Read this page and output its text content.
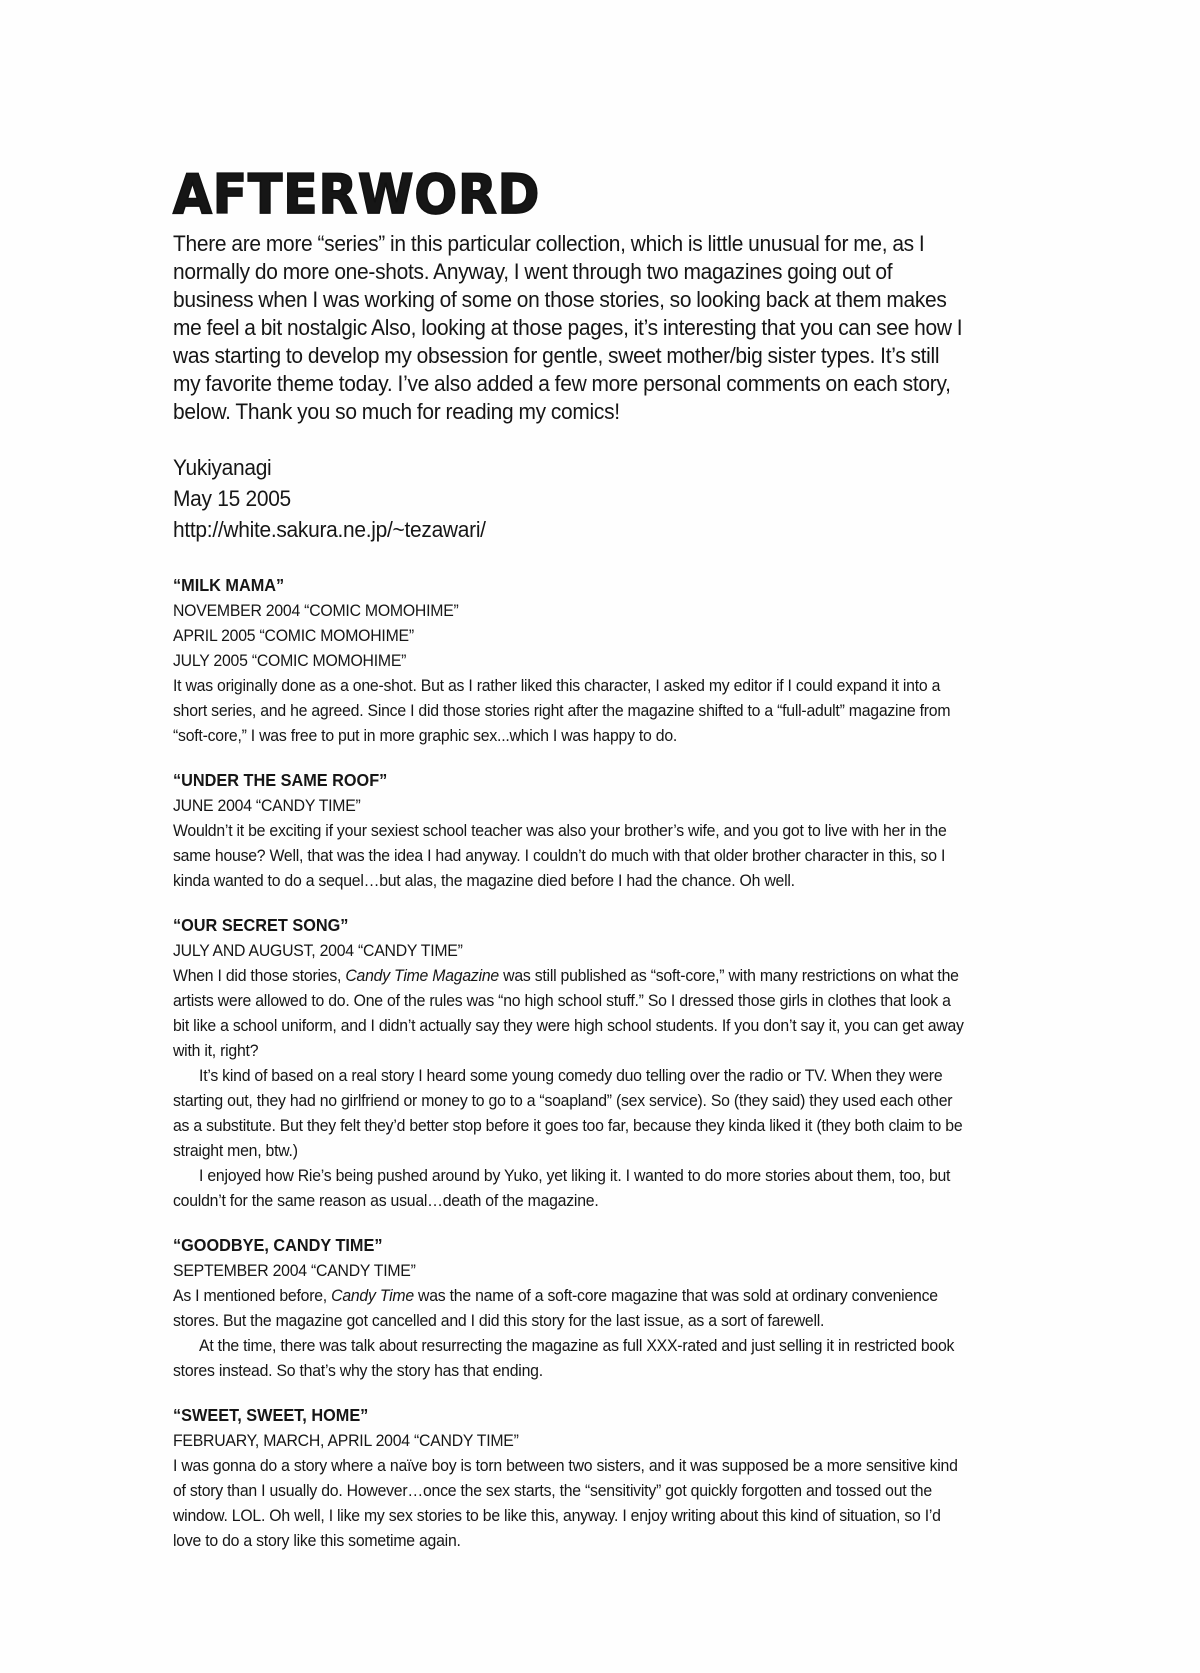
AFTERWORD

There are more “series” in this particular collection, which is little unusual for me, as I normally do more one-shots. Anyway, I went through two magazines going out of business when I was working of some on those stories, so looking back at them makes me feel a bit nostalgic Also, looking at those pages, it’s interesting that you can see how I was starting to develop my obsession for gentle, sweet mother/big sister types. It’s still my favorite theme today. I’ve also added a few more personal comments on each story, below. Thank you so much for reading my comics!

Yukiyanagi

May 15 2005

http://white.sakura.ne.jp/~tezawari/

“MILK MAMA”

NOVEMBER 2004 “COMIC MOMOHIME”

APRIL 2005 “COMIC MOMOHIME”

JULY 2005 “COMIC MOMOHIME”

It was originally done as a one-shot. But as I rather liked this character, I asked my editor if I could expand it into a short series, and he agreed. Since I did those stories right after the magazine shifted to a “full-adult” magazine from “soft-core,” I was free to put in more graphic sex...which I was happy to do.

“UNDER THE SAME ROOF”

JUNE 2004 “CANDY TIME”

Wouldn’t it be exciting if your sexiest school teacher was also your brother’s wife, and you got to live with her in the same house? Well, that was the idea I had anyway. I couldn’t do much with that older brother character in this, so I kinda wanted to do a sequel…but alas, the magazine died before I had the chance. Oh well.

“OUR SECRET SONG”

JULY AND AUGUST, 2004 “CANDY TIME”

When I did those stories, Candy Time Magazine was still published as “soft-core,” with many restrictions on what the artists were allowed to do. One of the rules was “no high school stuff.” So I dressed those girls in clothes that look a bit like a school uniform, and I didn’t actually say they were high school students. If you don’t say it, you can get away with it, right?

It’s kind of based on a real story I heard some young comedy duo telling over the radio or TV. When they were starting out, they had no girlfriend or money to go to a “soapland” (sex service). So (they said) they used each other as a substitute. But they felt they’d better stop before it goes too far, because they kinda liked it (they both claim to be straight men, btw.)

I enjoyed how Rie’s being pushed around by Yuko, yet liking it. I wanted to do more stories about them, too, but couldn’t for the same reason as usual…death of the magazine.

“GOODBYE, CANDY TIME”

SEPTEMBER 2004 “CANDY TIME”

As I mentioned before, Candy Time was the name of a soft-core magazine that was sold at ordinary convenience stores. But the magazine got cancelled and I did this story for the last issue, as a sort of farewell.

At the time, there was talk about resurrecting the magazine as full XXX-rated and just selling it in restricted book stores instead. So that’s why the story has that ending.

“SWEET, SWEET, HOME”

FEBRUARY, MARCH, APRIL 2004 “CANDY TIME”

I was gonna do a story where a naïve boy is torn between two sisters, and it was supposed be a more sensitive kind of story than I usually do. However…once the sex starts, the “sensitivity” got quickly forgotten and tossed out the window. LOL. Oh well, I like my sex stories to be like this, anyway. I enjoy writing about this kind of situation, so I’d love to do a story like this sometime again.
